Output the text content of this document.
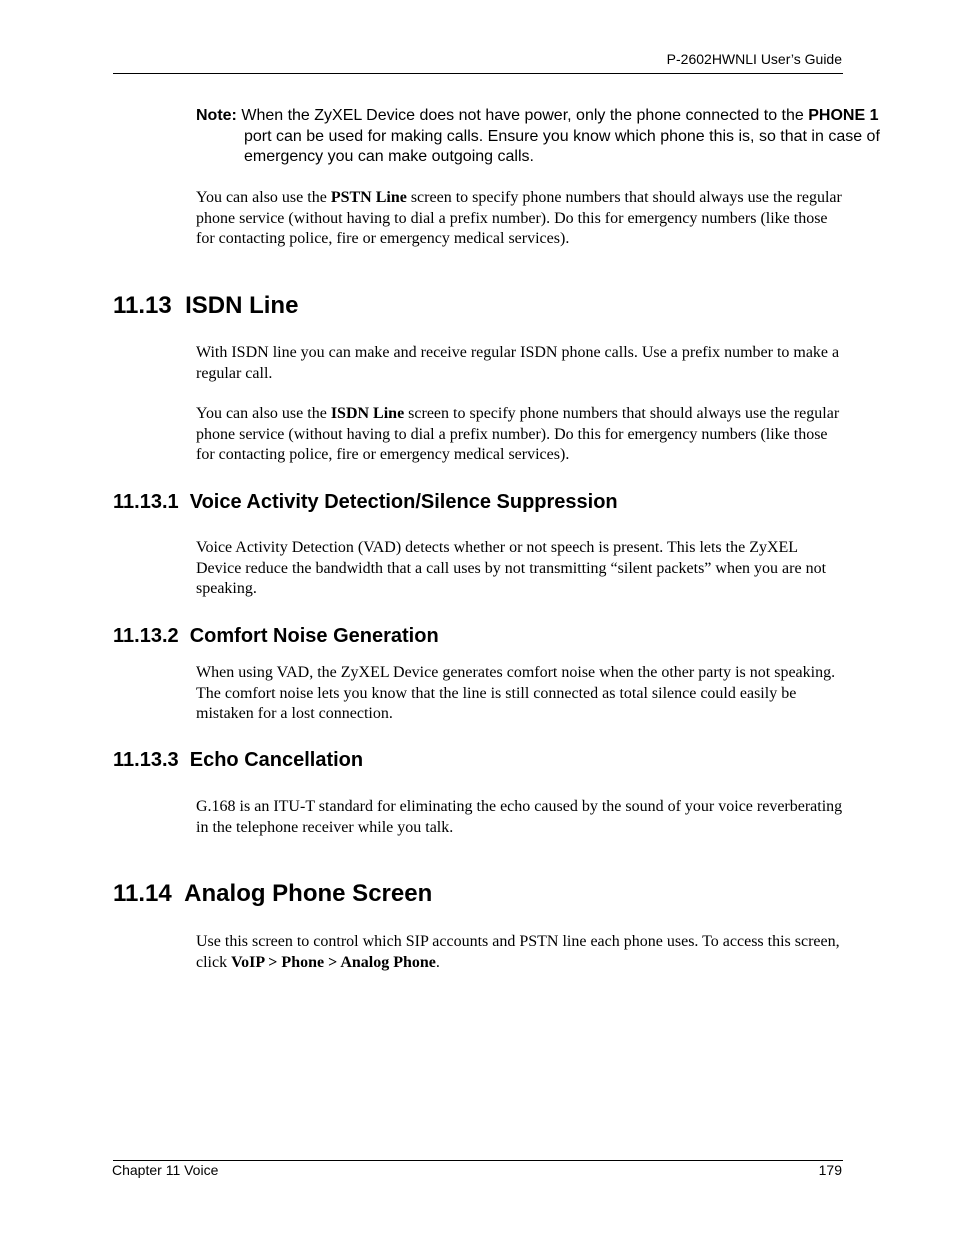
P-2602HWNLI User’s Guide
Note: When the ZyXEL Device does not have power, only the phone connected to the PHONE 1 port can be used for making calls. Ensure you know which phone this is, so that in case of emergency you can make outgoing calls.

You can also use the PSTN Line screen to specify phone numbers that should always use the regular phone service (without having to dial a prefix number). Do this for emergency numbers (like those for contacting police, fire or emergency medical services).

11.13  ISDN Line

With ISDN line you can make and receive regular ISDN phone calls. Use a prefix number to make a regular call.

You can also use the ISDN Line screen to specify phone numbers that should always use the regular phone service (without having to dial a prefix number). Do this for emergency numbers (like those for contacting police, fire or emergency medical services).

11.13.1  Voice Activity Detection/Silence Suppression

Voice Activity Detection (VAD) detects whether or not speech is present. This lets the ZyXEL Device reduce the bandwidth that a call uses by not transmitting “silent packets” when you are not speaking.

11.13.2  Comfort Noise Generation

When using VAD, the ZyXEL Device generates comfort noise when the other party is not speaking. The comfort noise lets you know that the line is still connected as total silence could easily be mistaken for a lost connection.

11.13.3  Echo Cancellation

G.168 is an ITU-T standard for eliminating the echo caused by the sound of your voice reverberating in the telephone receiver while you talk.

11.14  Analog Phone Screen

Use this screen to control which SIP accounts and PSTN line each phone uses. To access this screen, click VoIP > Phone > Analog Phone.

Chapter 11 Voice	179
